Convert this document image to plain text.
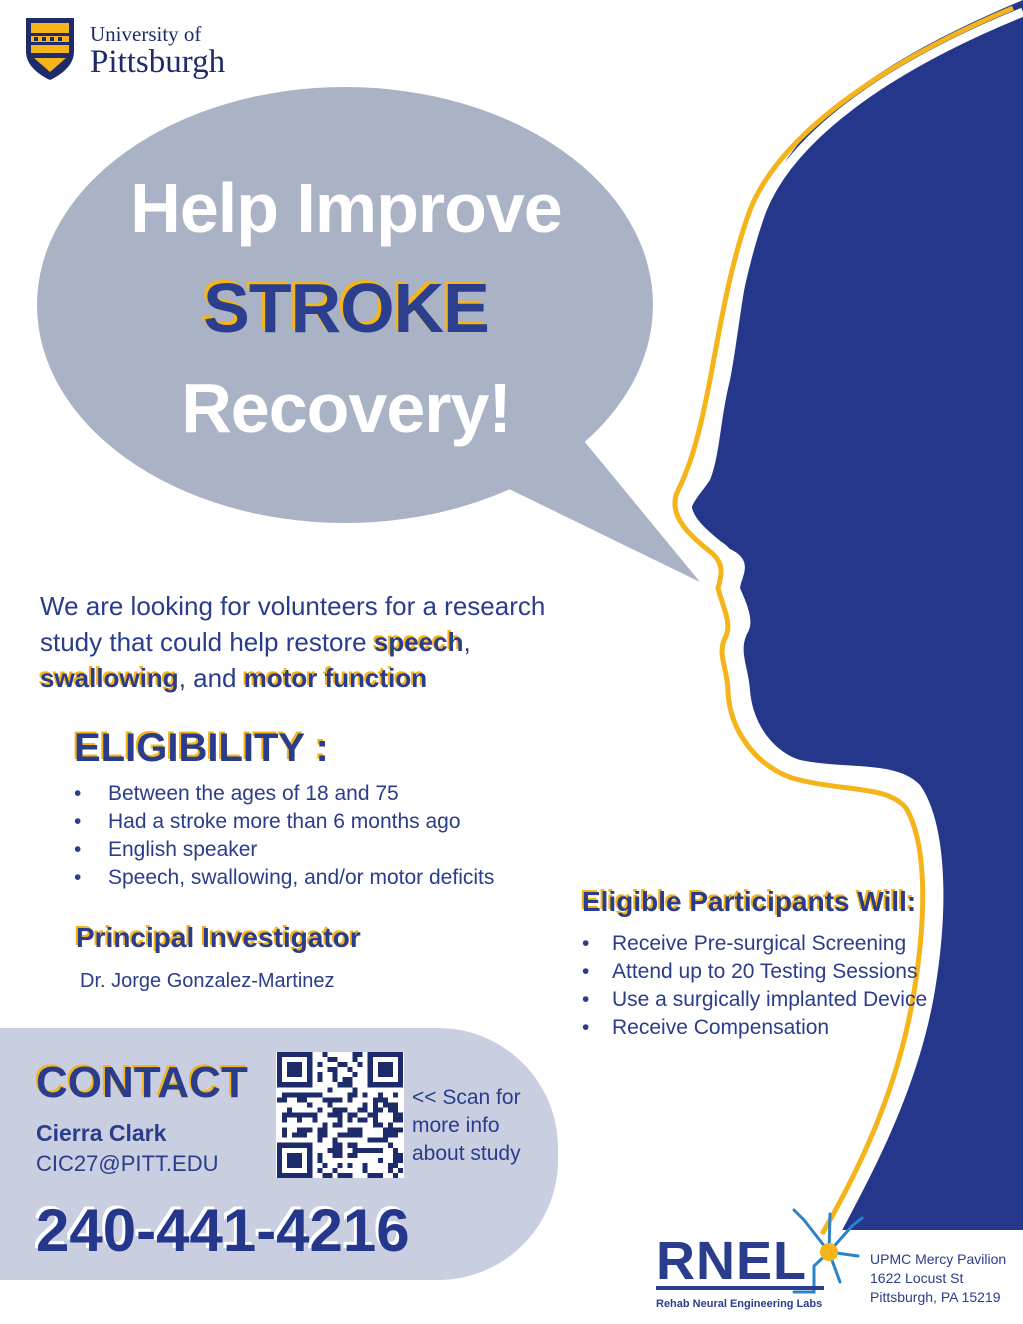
University of
Pittsburgh
Help Improve
STROKE
Recovery!
We are looking for volunteers for a research study that could help restore speech, swallowing, and motor function
ELIGIBILITY :
• Between the ages of 18 and 75
• Had a stroke more than 6 months ago
• English speaker
• Speech, swallowing, and/or motor deficits
Principal Investigator
Dr. Jorge Gonzalez-Martinez
Eligible Participants Will:
• Receive Pre-surgical Screening
• Attend up to 20 Testing Sessions
• Use a surgically implanted Device
• Receive Compensation
CONTACT
Cierra Clark
CIC27@PITT.EDU
240-441-4216
<< Scan for
more info
about study
RNEL
Rehab Neural Engineering Labs
UPMC Mercy Pavilion
1622 Locust St
Pittsburgh, PA 15219
